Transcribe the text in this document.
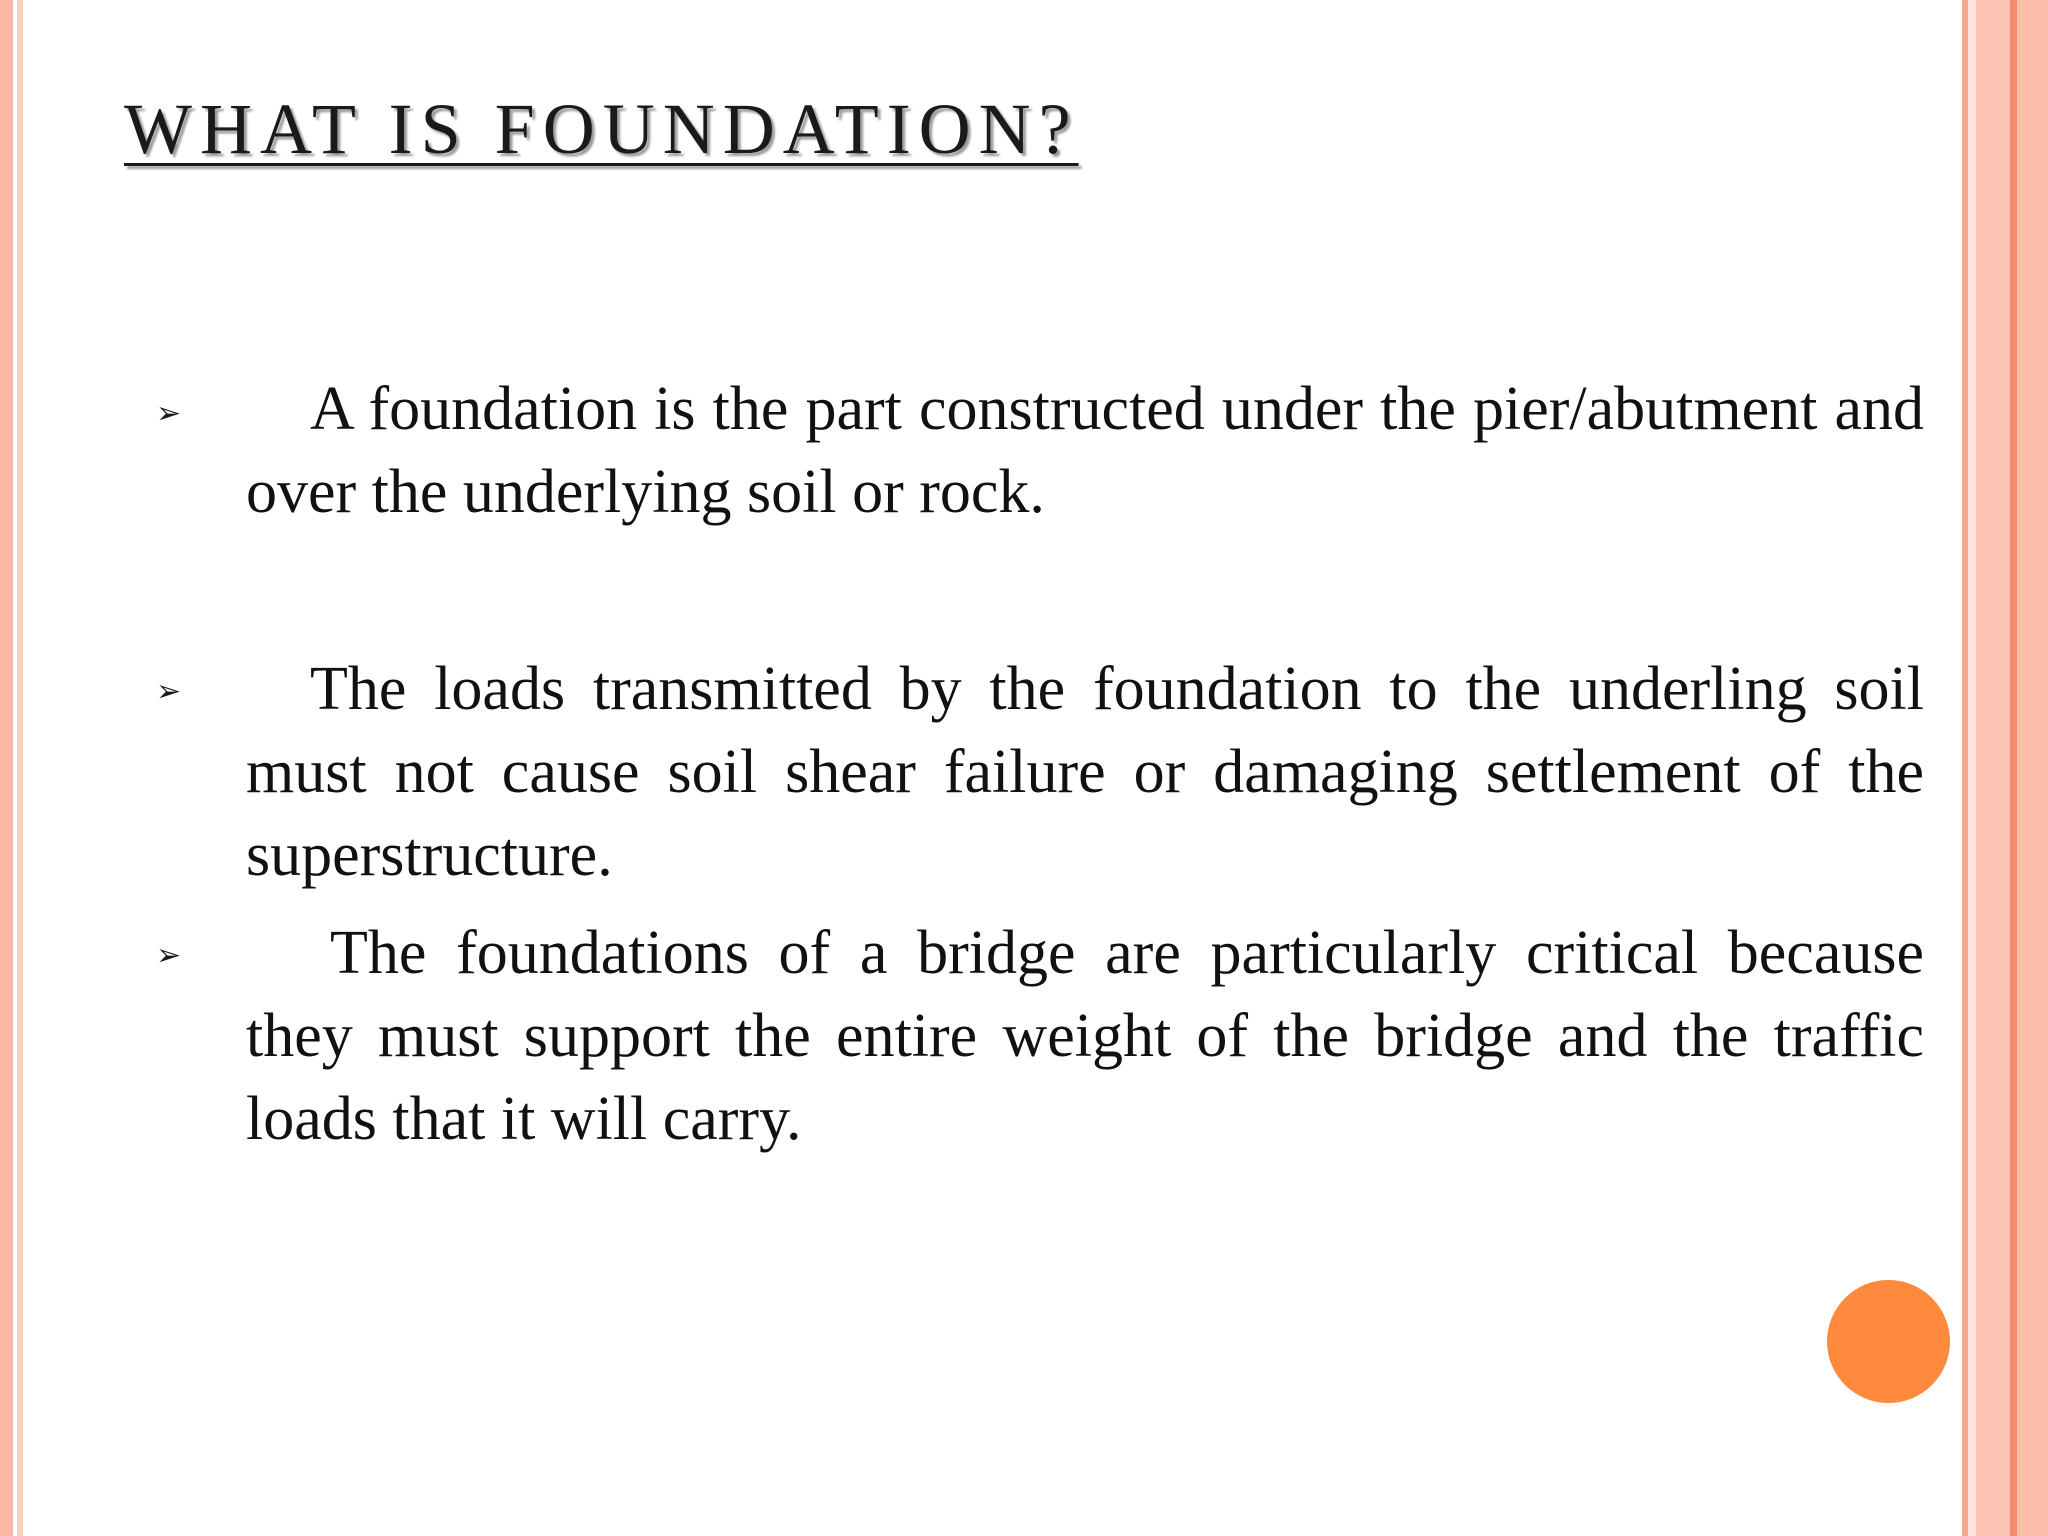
WHAT IS FOUNDATION?
➢	A foundation is the part constructed under the pier/abutment and over the underlying soil or rock.

➢	The loads transmitted by the foundation to the underling soil must not cause soil shear failure or damaging settlement of the superstructure.

➢	The foundations of a bridge are particularly critical because they must support the entire weight of the bridge and the traffic loads that it will carry.
